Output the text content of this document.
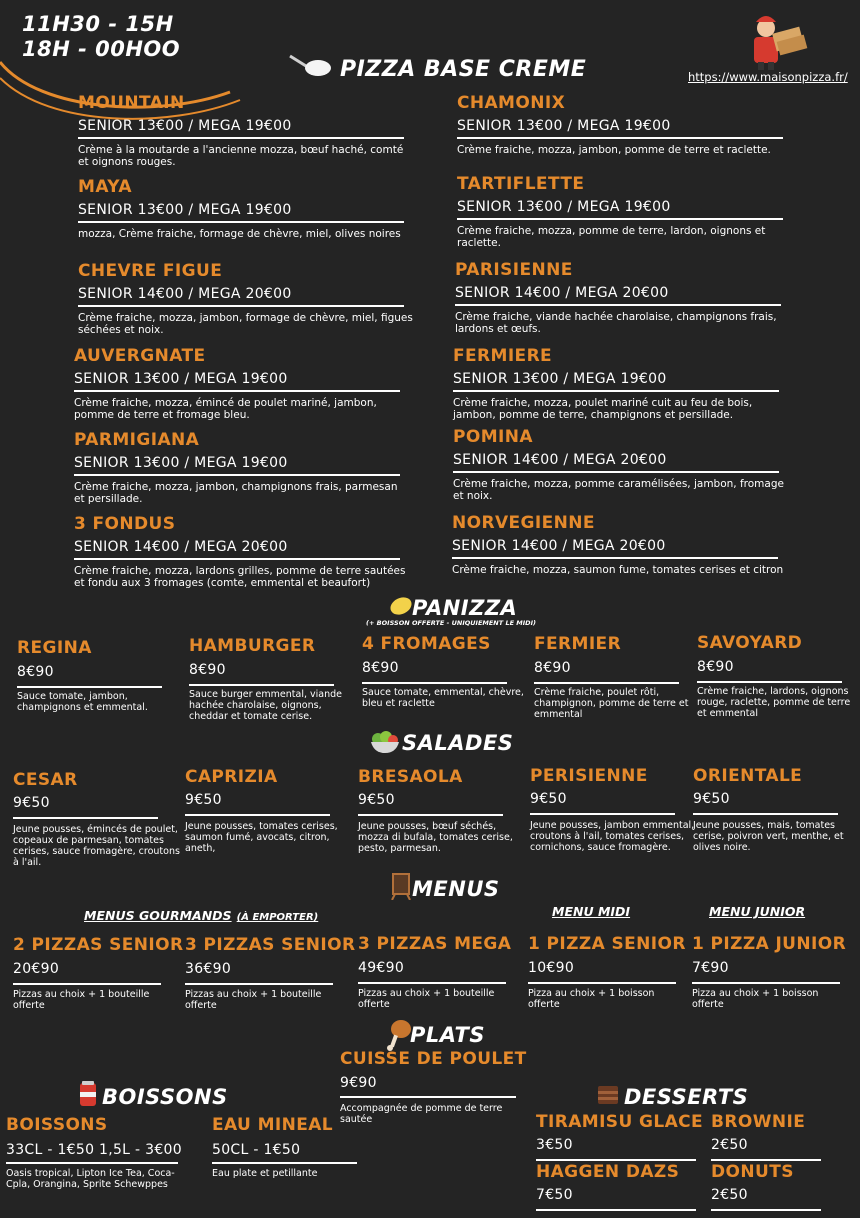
11H30 - 15H
18H - 00HOO
https://www.maisonpizza.fr/
PIZZA BASE CREME
MOUNTAIN
SENIOR 13€00 / MEGA 19€00
Crème à la moutarde a l'ancienne mozza, bœuf haché, comté et oignons rouges.
MAYA
SENIOR 13€00 / MEGA 19€00
mozza, Crème fraiche, formage de chèvre, miel, olives noires
CHEVRE FIGUE
SENIOR 14€00 / MEGA 20€00
Crème fraiche, mozza, jambon, formage de chèvre, miel, figues séchées et noix.
AUVERGNATE
SENIOR 13€00 / MEGA 19€00
Crème fraiche, mozza, émincé de poulet mariné, jambon, pomme de terre et fromage bleu.
PARMIGIANA
SENIOR 13€00 / MEGA 19€00
Crème fraiche, mozza, jambon, champignons frais, parmesan et persillade.
3 FONDUS
SENIOR 14€00 / MEGA 20€00
Crème fraiche, mozza, lardons grilles, pomme de terre sautées et fondu aux 3 fromages (comte, emmental et beaufort)
CHAMONIX
SENIOR 13€00 / MEGA 19€00
Crème fraiche, mozza, jambon, pomme de terre et raclette.
TARTIFLETTE
SENIOR 13€00 / MEGA 19€00
Crème fraiche, mozza, pomme de terre, lardon, oignons et raclette.
PARISIENNE
SENIOR 14€00 / MEGA 20€00
Crème fraiche, viande hachée charolaise, champignons frais, lardons et œufs.
FERMIERE
SENIOR 13€00 / MEGA 19€00
Crème fraiche, mozza, poulet mariné cuit au feu de bois, jambon, pomme de terre, champignons et persillade.
POMINA
SENIOR 14€00 / MEGA 20€00
Crème fraiche, mozza, pomme caramélisées, jambon, fromage et noix.
NORVEGIENNE
SENIOR 14€00 / MEGA 20€00
Crème fraiche, mozza, saumon fume, tomates cerises et citron
PANIZZA
(+ BOISSON OFFERTE - UNIQUIEMENT LE MIDI)
REGINA
8€90
Sauce tomate, jambon, champignons et emmental.
HAMBURGER
8€90
Sauce burger emmental, viande hachée charolaise, oignons, cheddar et tomate cerise.
4 FROMAGES
8€90
Sauce tomate, emmental, chèvre, bleu et raclette
FERMIER
8€90
Crème fraiche, poulet rôti, champignon, pomme de terre et emmental
SAVOYARD
8€90
Crème fraiche, lardons, oignons rouge, raclette, pomme de terre et emmental
SALADES
CESAR
9€50
Jeune pousses, émincés de poulet, copeaux de parmesan, tomates cerises, sauce fromagère, croutons à l'ail.
CAPRIZIA
9€50
Jeune pousses, tomates cerises, saumon fumé, avocats, citron, aneth,
BRESAOLA
9€50
Jeune pousses, bœuf séchés, mozza di bufala, tomates cerise, pesto, parmesan.
PERISIENNE
9€50
Jeune pousses, jambon emmental, croutons à l'ail, tomates cerises, cornichons, sauce fromagère.
ORIENTALE
9€50
Jeune pousses, mais, tomates cerise, poivron vert, menthe, et olives noire.
MENUS
MENUS GOURMANDS (À EMPORTER)	MENU MIDI	MENU JUNIOR
2 PIZZAS SENIOR
20€90
Pizzas au choix + 1 bouteille offerte
3 PIZZAS SENIOR
36€90
Pizzas au choix + 1 bouteille offerte
3 PIZZAS MEGA
49€90
Pizzas au choix + 1 bouteille offerte
1 PIZZA SENIOR
10€90
Pizza au choix + 1 boisson offerte
1 PIZZA JUNIOR
7€90
Pizza au choix + 1 boisson offerte
PLATS
CUISSE DE POULET
9€90
Accompagnée de pomme de terre sautée
BOISSONS
BOISSONS
33CL - 1€50 1,5L - 3€00
Oasis tropical, Lipton Ice Tea, Coca-Cpla, Orangina, Sprite Schewppes
EAU MINEAL
50CL - 1€50
Eau plate et petillante
DESSERTS
TIRAMISU GLACE
3€50
BROWNIE
2€50
HAGGEN DAZS
7€50
DONUTS
2€50
